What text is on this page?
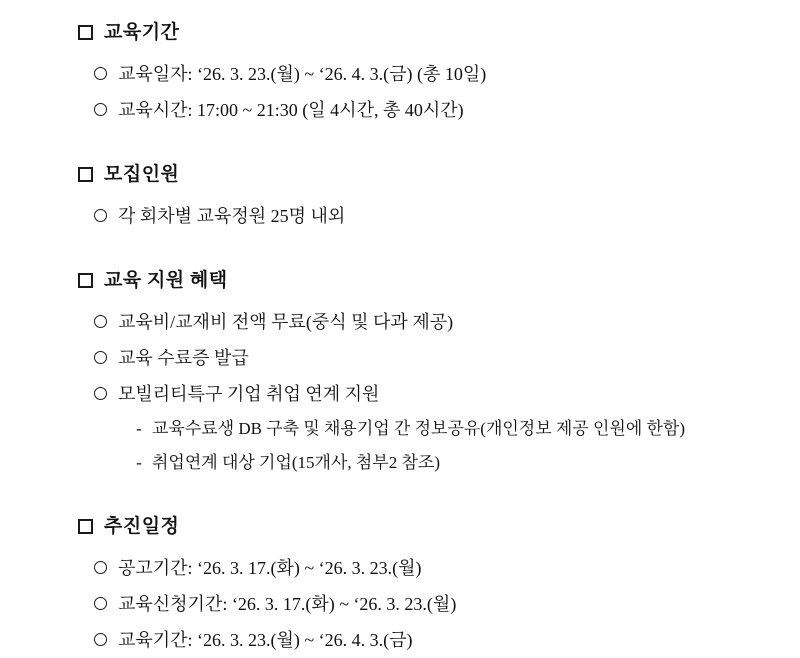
교육기간
교육일자: ‘26. 3. 23.(월) ~ ‘26. 4. 3.(금) (총 10일)
교육시간: 17:00 ~ 21:30 (일 4시간, 총 40시간)
모집인원
각 회차별 교육정원 25명 내외
교육 지원 혜택
교육비/교재비 전액 무료(중식 및 다과 제공)
교육 수료증 발급
모빌리티특구 기업 취업 연계 지원
- 교육수료생 DB 구축 및 채용기업 간 정보공유(개인정보 제공 인원에 한함)
- 취업연계 대상 기업(15개사, 첨부2 참조)
추진일정
공고기간: ‘26. 3. 17.(화) ~ ‘26. 3. 23.(월)
교육신청기간: ‘26. 3. 17.(화) ~ ‘26. 3. 23.(월)
교육기간: ‘26. 3. 23.(월) ~ ‘26. 4. 3.(금)
